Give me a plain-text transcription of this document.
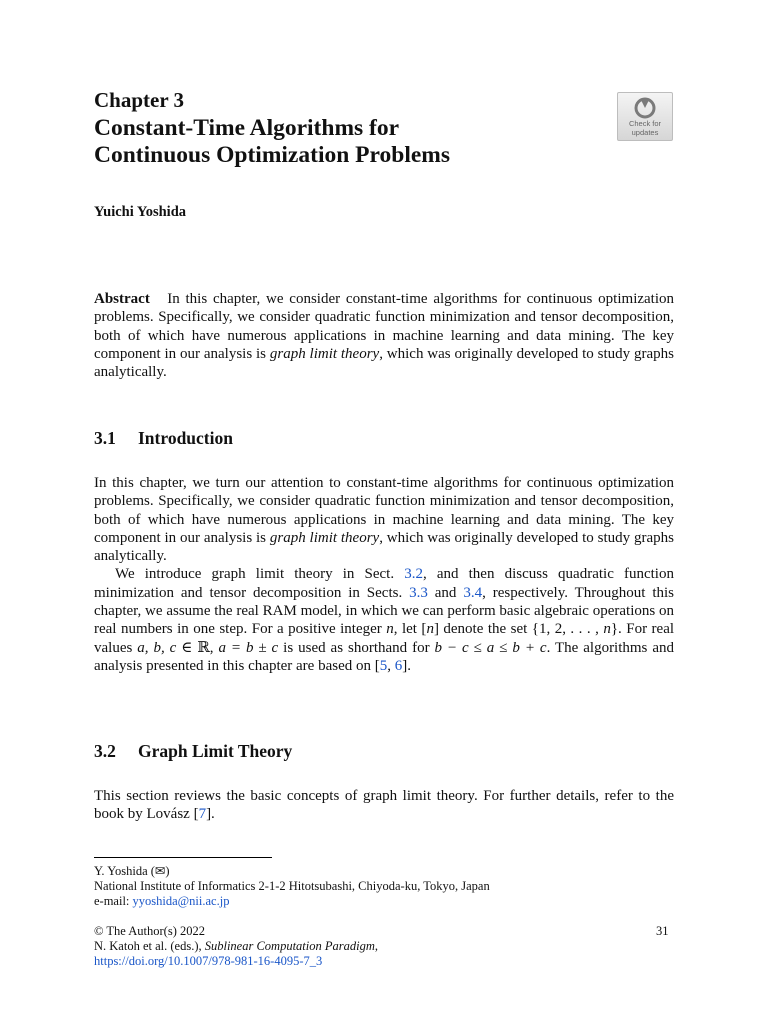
Chapter 3
Constant-Time Algorithms for
Continuous Optimization Problems
Check for
updates
Yuichi Yoshida

Abstract In this chapter, we consider constant-time algorithms for continuous optimization problems. Specifically, we consider quadratic function minimization and tensor decomposition, both of which have numerous applications in machine learning and data mining. The key component in our analysis is graph limit theory, which was originally developed to study graphs analytically.

3.1 Introduction

In this chapter, we turn our attention to constant-time algorithms for continuous optimization problems. Specifically, we consider quadratic function minimization and tensor decomposition, both of which have numerous applications in machine learning and data mining. The key component in our analysis is graph limit theory, which was originally developed to study graphs analytically.

We introduce graph limit theory in Sect. 3.2, and then discuss quadratic function minimization and tensor decomposition in Sects. 3.3 and 3.4, respectively. Throughout this chapter, we assume the real RAM model, in which we can perform basic algebraic operations on real numbers in one step. For a positive integer n, let [n] denote the set {1, 2, . . . , n}. For real values a, b, c ∈ ℝ, a = b ± c is used as shorthand for b − c ≤ a ≤ b + c. The algorithms and analysis presented in this chapter are based on [5, 6].

3.2 Graph Limit Theory

This section reviews the basic concepts of graph limit theory. For further details, refer to the book by Lovász [7].

Y. Yoshida (✉)
National Institute of Informatics 2-1-2 Hitotsubashi, Chiyoda-ku, Tokyo, Japan
e-mail: yyoshida@nii.ac.jp
© The Author(s) 2022
N. Katoh et al. (eds.), Sublinear Computation Paradigm,
https://doi.org/10.1007/978-981-16-4095-7_3
31
